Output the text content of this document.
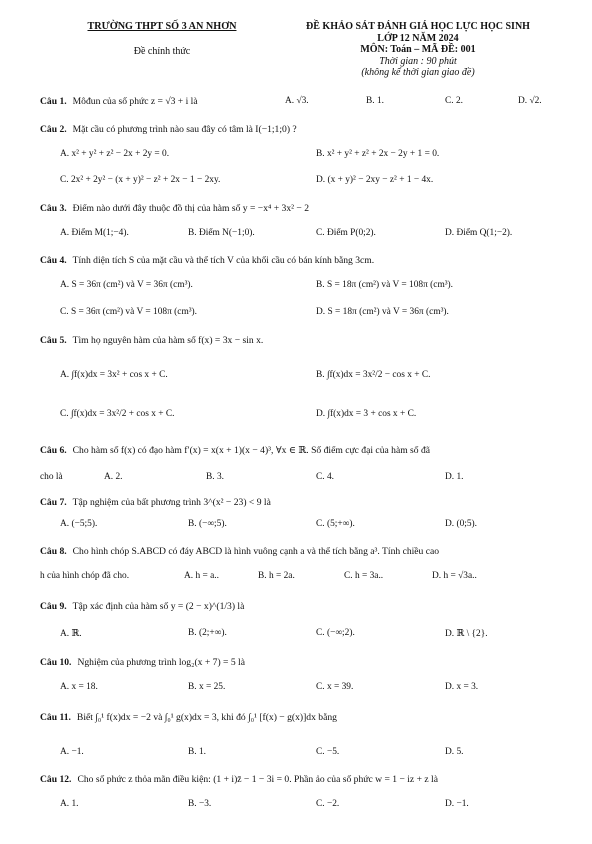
TRƯỜNG THPT SỐ 3 AN NHƠN
Đề chính thức
ĐỀ KHẢO SÁT ĐÁNH GIÁ HỌC LỰC HỌC SINH
LỚP 12 NĂM 2024
MÔN: Toán – MÃ ĐỀ: 001
Thời gian : 90 phút
(không kể thời gian giao đề)
Câu 1. Môđun của số phức z = √3 + i là	A. √3.	B. 1.	C. 2.	D. √2.
Câu 2. Mặt cầu có phương trình nào sau đây có tâm là I(−1;1;0) ?
A. x² + y² + z² − 2x + 2y = 0.	B. x² + y² + z² + 2x − 2y + 1 = 0.
C. 2x² + 2y² − (x + y)² − z² + 2x − 1 − 2xy.	D. (x + y)² − 2xy − z² + 1 − 4x.
Câu 3. Điểm nào dưới đây thuộc đồ thị của hàm số y = −x⁴ + 3x² − 2
A. Điểm M(1;−4).	B. Điểm N(−1;0).	C. Điểm P(0;2).	D. Điểm Q(1;−2).
Câu 4. Tính diện tích S của mặt cầu và thể tích V của khối cầu có bán kính bằng 3cm.
A. S = 36π (cm²) và V = 36π (cm³).	B. S = 18π (cm²) và V = 108π (cm³).
C. S = 36π (cm²) và V = 108π (cm³).	D. S = 18π (cm²) và V = 36π (cm³).
Câu 5. Tìm họ nguyên hàm của hàm số f(x) = 3x − sin x.
A. ∫f(x)dx = 3x² + cos x + C.	B. ∫f(x)dx = 3x²/2 − cos x + C.
C. ∫f(x)dx = 3x²/2 + cos x + C.	D. ∫f(x)dx = 3 + cos x + C.
Câu 6. Cho hàm số f(x) có đạo hàm f′(x) = x(x + 1)(x − 4)³, ∀x ∈ ℝ. Số điểm cực đại của hàm số đã
cho là	A. 2.	B. 3.	C. 4.	D. 1.
Câu 7. Tập nghiệm của bất phương trình 3^(x² − 23) < 9 là
A. (−5;5).	B. (−∞;5).	C. (5;+∞).	D. (0;5).
Câu 8. Cho hình chóp S.ABCD có đáy ABCD là hình vuông cạnh a và thể tích bằng a³. Tính chiều cao
h của hình chóp đã cho.	A. h = a..	B. h = 2a.	C. h = 3a..	D. h = √3a..
Câu 9. Tập xác định của hàm số y = (2 − x)^(1/3) là
A. ℝ.	B. (2;+∞).	C. (−∞;2).	D. ℝ \ {2}.
Câu 10. Nghiệm của phương trình log₂(x + 7) = 5 là
A. x = 18.	B. x = 25.	C. x = 39.	D. x = 3.
Câu 11. Biết ∫₀¹ f(x)dx = −2 và ∫₀¹ g(x)dx = 3, khi đó ∫₀¹ [f(x) − g(x)]dx bằng
A. −1.	B. 1.	C. −5.	D. 5.
Câu 12. Cho số phức z thỏa mãn điều kiện: (1 + i)z̄ − 1 − 3i = 0. Phần ảo của số phức w = 1 − iz + z là
A. 1.	B. −3.	C. −2.	D. −1.
